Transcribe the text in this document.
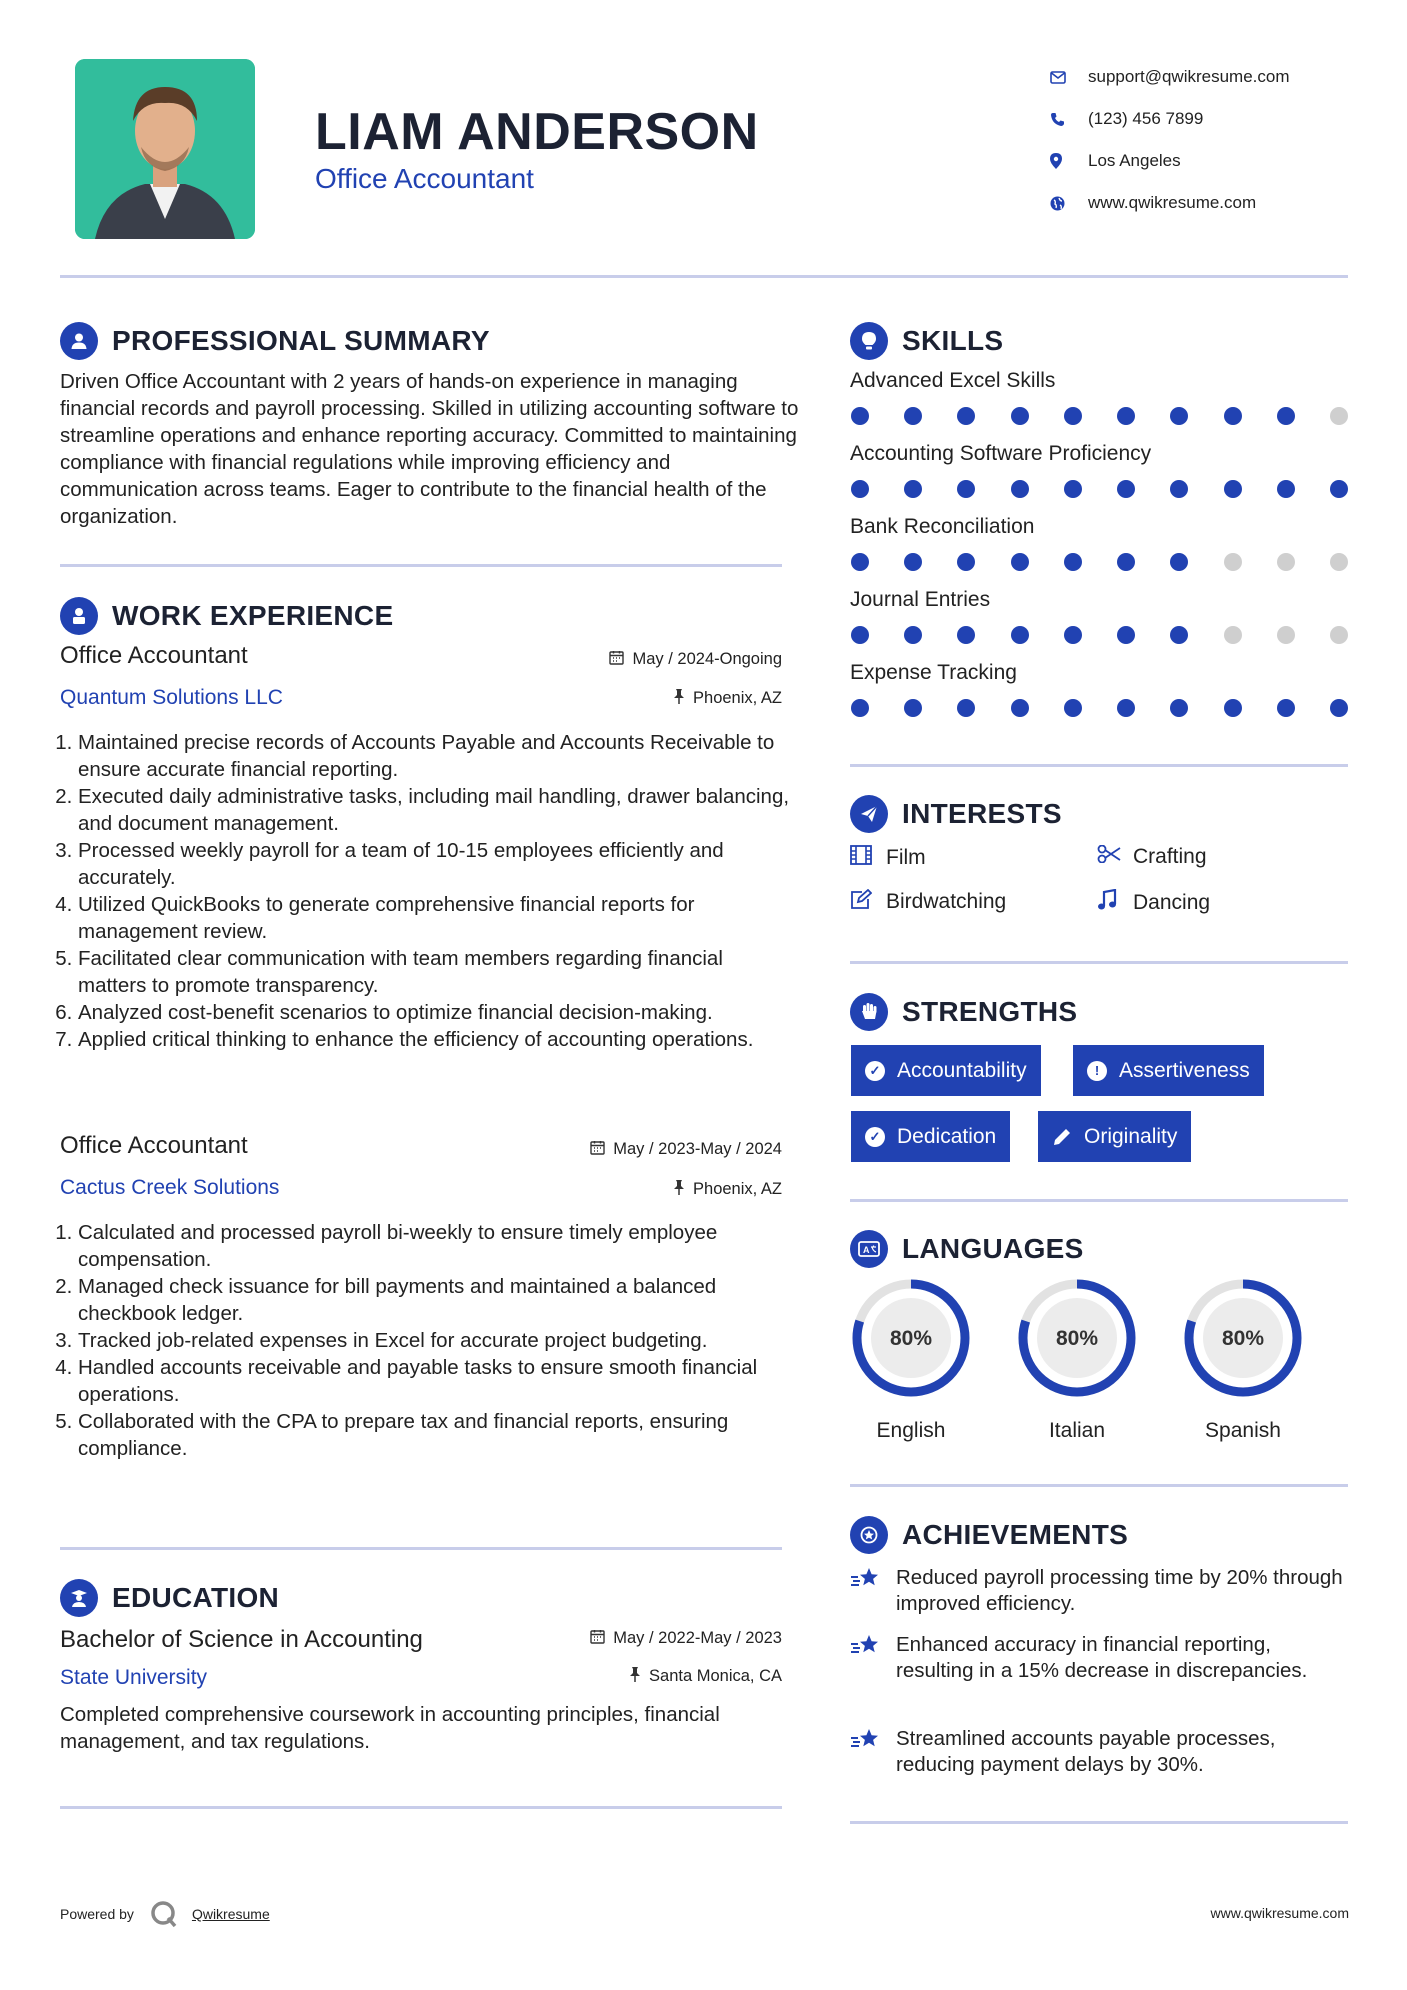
LIAM ANDERSON
Office Accountant
support@qwikresume.com
(123) 456 7899
Los Angeles
www.qwikresume.com
PROFESSIONAL SUMMARY
Driven Office Accountant with 2 years of hands-on experience in managing financial records and payroll processing. Skilled in utilizing accounting software to streamline operations and enhance reporting accuracy. Committed to maintaining compliance with financial regulations while improving efficiency and communication across teams. Eager to contribute to the financial health of the organization.
WORK EXPERIENCE
Office Accountant	May / 2024-Ongoing
Quantum Solutions LLC	Phoenix, AZ
1. Maintained precise records of Accounts Payable and Accounts Receivable to ensure accurate financial reporting.
2. Executed daily administrative tasks, including mail handling, drawer balancing, and document management.
3. Processed weekly payroll for a team of 10-15 employees efficiently and accurately.
4. Utilized QuickBooks to generate comprehensive financial reports for management review.
5. Facilitated clear communication with team members regarding financial matters to promote transparency.
6. Analyzed cost-benefit scenarios to optimize financial decision-making.
7. Applied critical thinking to enhance the efficiency of accounting operations.
Office Accountant	May / 2023-May / 2024
Cactus Creek Solutions	Phoenix, AZ
1. Calculated and processed payroll bi-weekly to ensure timely employee compensation.
2. Managed check issuance for bill payments and maintained a balanced checkbook ledger.
3. Tracked job-related expenses in Excel for accurate project budgeting.
4. Handled accounts receivable and payable tasks to ensure smooth financial operations.
5. Collaborated with the CPA to prepare tax and financial reports, ensuring compliance.
EDUCATION
Bachelor of Science in Accounting	May / 2022-May / 2023
State University	Santa Monica, CA
Completed comprehensive coursework in accounting principles, financial management, and tax regulations.
SKILLS
Advanced Excel Skills
Accounting Software Proficiency
Bank Reconciliation
Journal Entries
Expense Tracking
INTERESTS
Film	Crafting
Birdwatching	Dancing
STRENGTHS
✓ Accountability	! Assertiveness
✓ Dedication	Originality
A LANGUAGES
80%
English
80%
Italian
80%
Spanish
ACHIEVEMENTS
Reduced payroll processing time by 20% through improved efficiency.
Enhanced accuracy in financial reporting, resulting in a 15% decrease in discrepancies.
Streamlined accounts payable processes, reducing payment delays by 30%.
Powered by	Qwikresume	www.qwikresume.com
